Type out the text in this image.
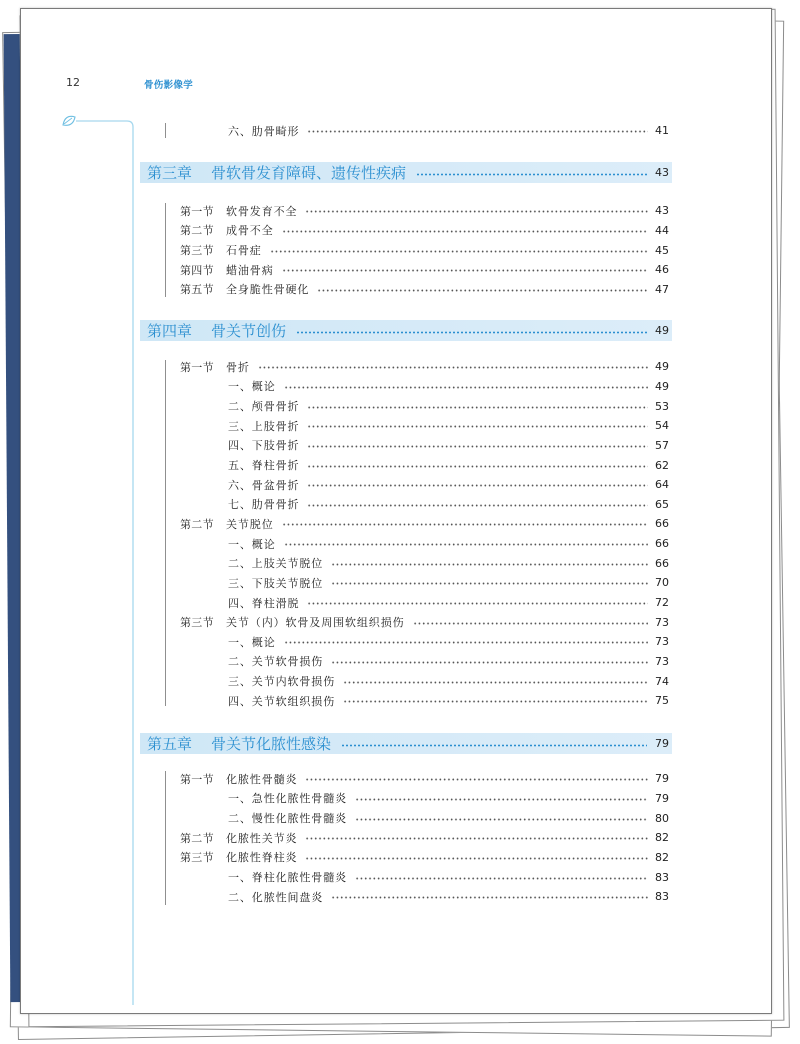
12	骨伤影像学
六、肋骨畸形	41
第三章 骨软骨发育障碍、遗传性疾病	43
第一节	软骨发育不全	43
第二节	成骨不全	44
第三节	石骨症	45
第四节	蜡油骨病	46
第五节	全身脆性骨硬化	47
第四章 骨关节创伤	49
第一节	骨折	49
一、概论	49
二、颅骨骨折	53
三、上肢骨折	54
四、下肢骨折	57
五、脊柱骨折	62
六、骨盆骨折	64
七、肋骨骨折	65
第二节	关节脱位	66
一、概论	66
二、上肢关节脱位	66
三、下肢关节脱位	70
四、脊柱滑脱	72
第三节	关节（内）软骨及周围软组织损伤	73
一、概论	73
二、关节软骨损伤	73
三、关节内软骨损伤	74
四、关节软组织损伤	75
第五章 骨关节化脓性感染	79
第一节	化脓性骨髓炎	79
一、急性化脓性骨髓炎	79
二、慢性化脓性骨髓炎	80
第二节	化脓性关节炎	82
第三节	化脓性脊柱炎	82
一、脊柱化脓性骨髓炎	83
二、化脓性间盘炎	83
